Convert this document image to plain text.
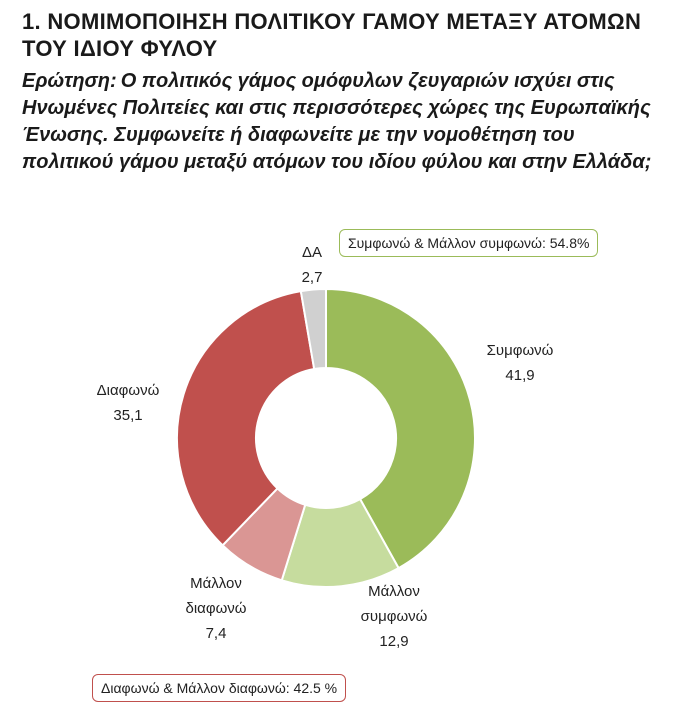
1. ΝΟΜΙΜΟΠΟΙΗΣΗ ΠΟΛΙΤΙΚΟΥ ΓΑΜΟΥ ΜΕΤΑΞΥ ΑΤΟΜΩΝ ΤΟΥ ΙΔΙΟΥ ΦΥΛΟΥ

Ερώτηση: Ο πολιτικός γάμος ομόφυλων ζευγαριών ισχύει στις Ηνωμένες Πολιτείες και στις περισσότερες χώρες της Ευρωπαϊκής Ένωσης. Συμφωνείτε ή διαφωνείτε με την νομοθέτηση του πολιτικού γάμου μεταξύ ατόμων του ιδίου φύλου και στην Ελλάδα;

Συμφωνώ
41,9
Μάλλον
συμφωνώ
12,9
Μάλλον
διαφωνώ
7,4
Διαφωνώ
35,1
ΔΑ
2,7
Συμφωνώ & Μάλλον συμφωνώ: 54.8%
Διαφωνώ & Μάλλον διαφωνώ: 42.5 %
